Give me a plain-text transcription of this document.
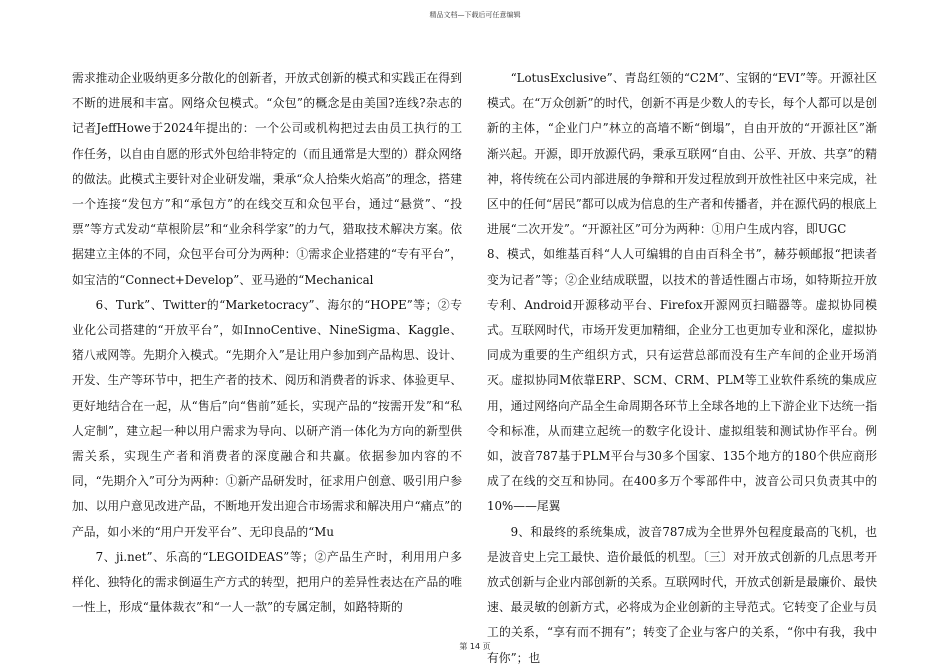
精品文档—下载后可任意编辑

需求推动企业吸纳更多分散化的创新者，开放式创新的模式和实践正在得到不断的进展和丰富。网络众包模式。“众包”的概念是由美国?连线?杂志的记者JeffHowe于2024年提出的：一个公司或机构把过去由员工执行的工作任务，以自由自愿的形式外包给非特定的（而且通常是大型的）群众网络的做法。此模式主要针对企业研发端，秉承“众人拾柴火焰高”的理念，搭建一个连接“发包方”和“承包方”的在线交互和众包平台，通过“悬赏”、“投票”等方式发动“草根阶层”和“业余科学家”的力气，猎取技术解决方案。依据建立主体的不同，众包平台可分为两种：①需求企业搭建的“专有平台”，如宝洁的“Connect+Develop”、亚马逊的“Mechanical

6、Turk”、Twitter的“Marketocracy”、海尔的“HOPE”等；②专业化公司搭建的“开放平台”，如InnoCentive、NineSigma、Kaggle、猪八戒网等。先期介入模式。“先期介入”是让用户参加到产品构思、设计、开发、生产等环节中，把生产者的技术、阅历和消费者的诉求、体验更早、更好地结合在一起，从“售后”向“售前”延长，实现产品的“按需开发”和“私人定制”，建立起一种以用户需求为导向、以研产消一体化为方向的新型供需关系，实现生产者和消费者的深度融合和共赢。依据参加内容的不同，“先期介入”可分为两种：①新产品研发时，征求用户创意、吸引用户参加、以用户意见改进产品，不断地开发出迎合市场需求和解决用户“痛点”的产品，如小米的“用户开发平台”、无印良品的“Mu

7、ji.net”、乐高的“LEGOIDEAS”等；②产品生产时，利用用户多样化、独特化的需求倒逼生产方式的转型，把用户的差异性表达在产品的唯一性上，形成“量体裁衣”和“一人一款”的专属定制，如路特斯的

“LotusExclusive”、青岛红领的“C2M”、宝钢的“EVI”等。开源社区模式。在“万众创新”的时代，创新不再是少数人的专长，每个人都可以是创新的主体，“企业门户”林立的高墙不断“倒塌”，自由开放的“开源社区”渐渐兴起。开源，即开放源代码，秉承互联网“自由、公平、开放、共享”的精神，将传统在公司内部进展的争辩和开发过程放到开放性社区中来完成，社区中的任何“居民”都可以成为信息的生产者和传播者，并在源代码的根底上进展“二次开发”。“开源社区”可分为两种：①用户生成内容，即UGC

8、模式，如维基百科“人人可编辑的自由百科全书”，赫芬顿邮报“把读者变为记者”等；②企业结成联盟，以技术的普适性圈占市场，如特斯拉开放专利、Android开源移动平台、Firefox开源网页扫瞄器等。虚拟协同模式。互联网时代，市场开发更加精细，企业分工也更加专业和深化，虚拟协同成为重要的生产组织方式，只有运营总部而没有生产车间的企业开场消灭。虚拟协同M依靠ERP、SCM、CRM、PLM等工业软件系统的集成应用，通过网络向产品全生命周期各环节上全球各地的上下游企业下达统一指令和标准，从而建立起统一的数字化设计、虚拟组装和测试协作平台。例如，波音787基于PLM平台与30多个国家、135个地方的180个供应商形成了在线的交互和协同。在400多万个零部件中，波音公司只负责其中的10%——尾翼

9、和最终的系统集成，波音787成为全世界外包程度最高的飞机，也是波音史上完工最快、造价最低的机型。〔三〕对开放式创新的几点思考开放式创新与企业内部创新的关系。互联网时代，开放式创新是最廉价、最快速、最灵敏的创新方式，必将成为企业创新的主导范式。它转变了企业与员工的关系，“享有而不拥有”；转变了企业与客户的关系，“你中有我，我中有你”；也

第 14 页
